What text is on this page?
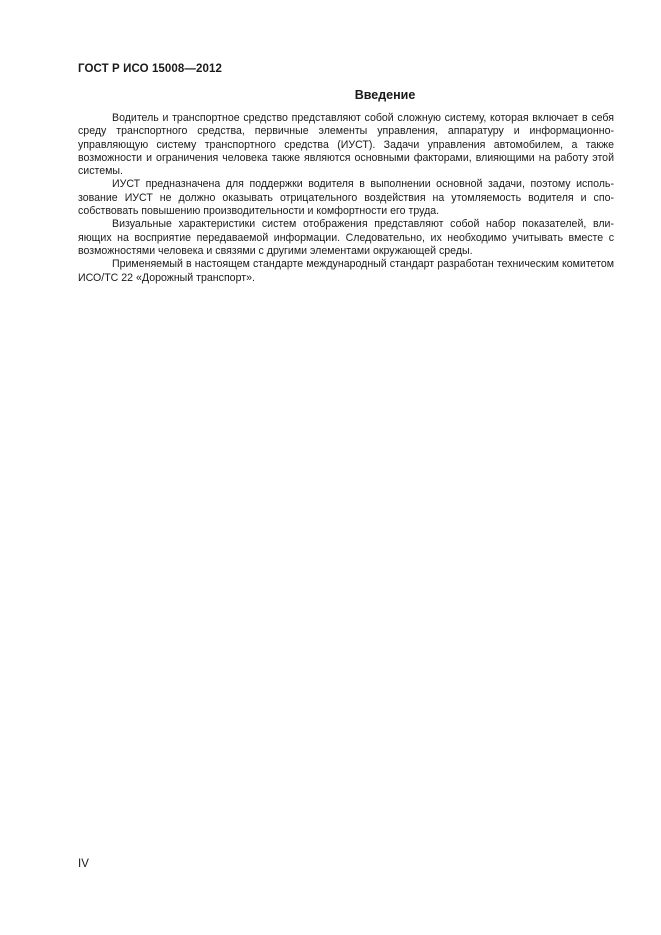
ГОСТ Р ИСО 15008—2012
Введение

Водитель и транспортное средство представляют собой сложную систему, которая включает в себя среду транспортного средства, первичные элементы управления, аппаратуру и информационно-управляющую систему транспортного средства (ИУСТ). Задачи управления автомобилем, а также возможности и ограничения человека также являются основными факторами, влияющими на работу этой системы.

ИУСТ предназначена для поддержки водителя в выполнении основной задачи, поэтому использование ИУСТ не должно оказывать отрицательного воздействия на утомляемость водителя и способствовать повышению производительности и комфортности его труда.

Визуальные характеристики систем отображения представляют собой набор показателей, влияющих на восприятие передаваемой информации. Следовательно, их необходимо учитывать вместе с возможностями человека и связями с другими элементами окружающей среды.

Применяемый в настоящем стандарте международный стандарт разработан техническим комитетом ИСО/ТС 22 «Дорожный транспорт».

IV
